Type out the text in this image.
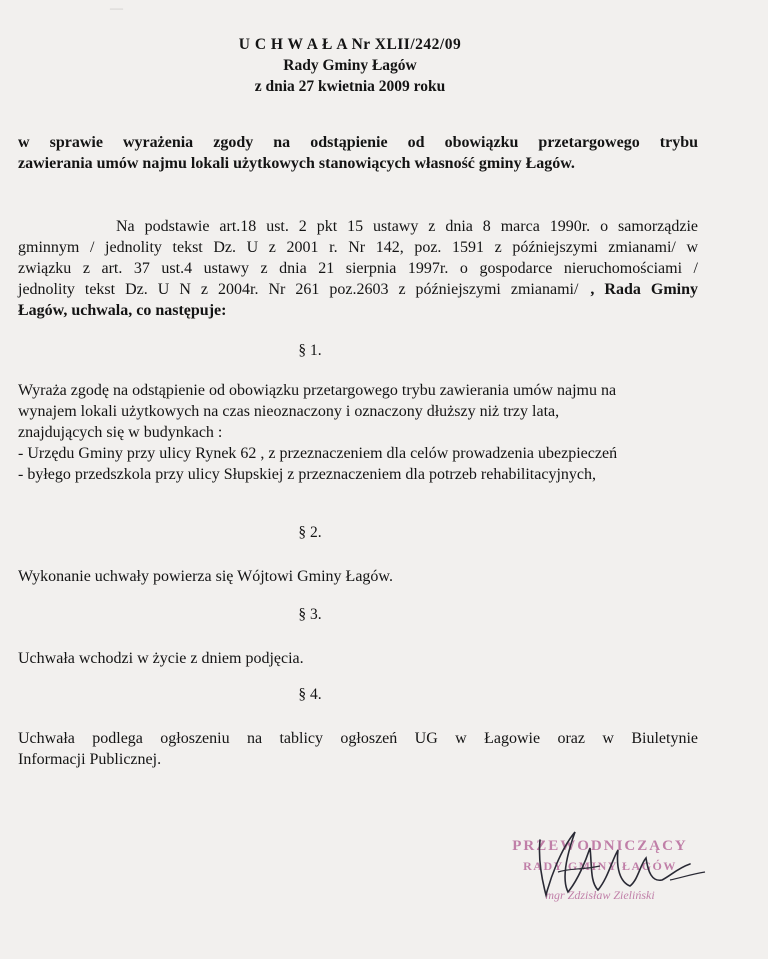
—
U C H W A Ł A Nr XLII/242/09
Rady Gminy Łagów
z dnia 27 kwietnia 2009 roku
w sprawie wyrażenia zgody na odstąpienie od obowiązku przetargowego trybu
zawierania umów najmu lokali użytkowych stanowiących własność gminy Łagów.
Na podstawie art.18 ust. 2 pkt 15 ustawy z dnia 8 marca 1990r. o samorządzie
gminnym / jednolity tekst Dz. U z 2001 r. Nr 142, poz. 1591 z późniejszymi zmianami/ w
związku z art. 37 ust.4 ustawy z dnia 21 sierpnia 1997r. o gospodarce nieruchomościami /
jednolity tekst Dz. U N z 2004r. Nr 261 poz.2603 z późniejszymi zmianami/ , Rada Gminy
Łagów, uchwala, co następuje:
§ 1.
Wyraża zgodę na odstąpienie od obowiązku przetargowego trybu zawierania umów najmu na
wynajem lokali użytkowych na czas nieoznaczony i oznaczony dłuższy niż trzy lata,
znajdujących się w budynkach :
- Urzędu Gminy przy ulicy Rynek 62 , z przeznaczeniem dla celów prowadzenia ubezpieczeń
- byłego przedszkola przy ulicy Słupskiej z przeznaczeniem dla potrzeb rehabilitacyjnych,
§ 2.
Wykonanie uchwały powierza się Wójtowi Gminy Łagów.
§ 3.
Uchwała wchodzi w życie z dniem podjęcia.
§ 4.
Uchwała podlega ogłoszeniu na tablicy ogłoszeń UG w Łagowie oraz w Biuletynie
Informacji Publicznej.
PRZEWODNICZĄCY
RADY GMINY ŁAGÓW
mgr Zdzisław Zieliński
